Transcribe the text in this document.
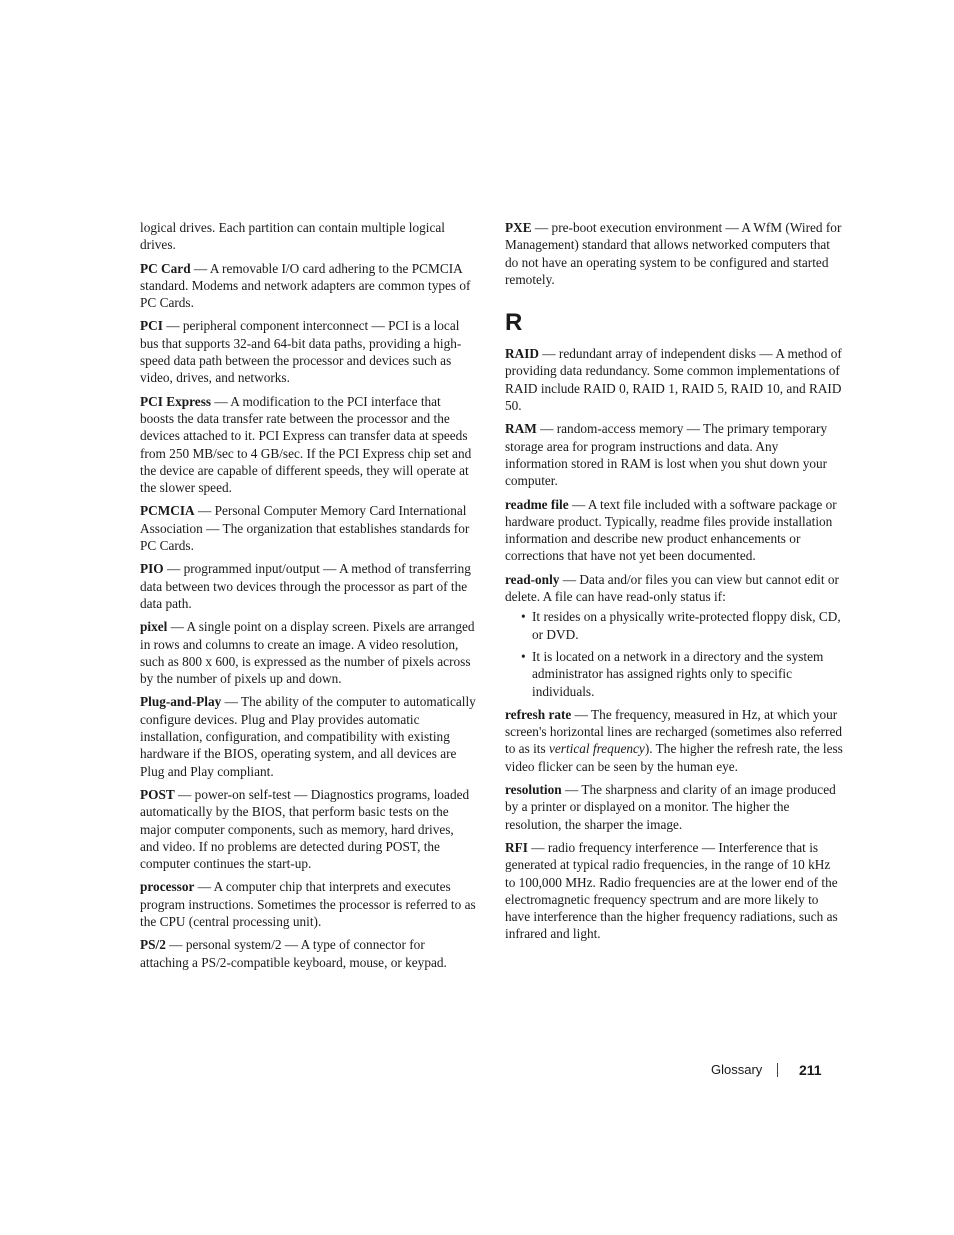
logical drives. Each partition can contain multiple logical drives.

PC Card — A removable I/O card adhering to the PCMCIA standard. Modems and network adapters are common types of PC Cards.

PCI — peripheral component interconnect — PCI is a local bus that supports 32-and 64-bit data paths, providing a high-speed data path between the processor and devices such as video, drives, and networks.

PCI Express — A modification to the PCI interface that boosts the data transfer rate between the processor and the devices attached to it. PCI Express can transfer data at speeds from 250 MB/sec to 4 GB/sec. If the PCI Express chip set and the device are capable of different speeds, they will operate at the slower speed.

PCMCIA — Personal Computer Memory Card International Association — The organization that establishes standards for PC Cards.

PIO — programmed input/output — A method of transferring data between two devices through the processor as part of the data path.

pixel — A single point on a display screen. Pixels are arranged in rows and columns to create an image. A video resolution, such as 800 x 600, is expressed as the number of pixels across by the number of pixels up and down.

Plug-and-Play — The ability of the computer to automatically configure devices. Plug and Play provides automatic installation, configuration, and compatibility with existing hardware if the BIOS, operating system, and all devices are Plug and Play compliant.

POST — power-on self-test — Diagnostics programs, loaded automatically by the BIOS, that perform basic tests on the major computer components, such as memory, hard drives, and video. If no problems are detected during POST, the computer continues the start-up.

processor — A computer chip that interprets and executes program instructions. Sometimes the processor is referred to as the CPU (central processing unit).

PS/2 — personal system/2 — A type of connector for attaching a PS/2-compatible keyboard, mouse, or keypad.

PXE — pre-boot execution environment — A WfM (Wired for Management) standard that allows networked computers that do not have an operating system to be configured and started remotely.

R

RAID — redundant array of independent disks — A method of providing data redundancy. Some common implementations of RAID include RAID 0, RAID 1, RAID 5, RAID 10, and RAID 50.

RAM — random-access memory — The primary temporary storage area for program instructions and data. Any information stored in RAM is lost when you shut down your computer.

readme file — A text file included with a software package or hardware product. Typically, readme files provide installation information and describe new product enhancements or corrections that have not yet been documented.

read-only — Data and/or files you can view but cannot edit or delete. A file can have read-only status if:

• It resides on a physically write-protected floppy disk, CD, or DVD.
• It is located on a network in a directory and the system administrator has assigned rights only to specific individuals.

refresh rate — The frequency, measured in Hz, at which your screen's horizontal lines are recharged (sometimes also referred to as its vertical frequency). The higher the refresh rate, the less video flicker can be seen by the human eye.

resolution — The sharpness and clarity of an image produced by a printer or displayed on a monitor. The higher the resolution, the sharper the image.

RFI — radio frequency interference — Interference that is generated at typical radio frequencies, in the range of 10 kHz to 100,000 MHz. Radio frequencies are at the lower end of the electromagnetic frequency spectrum and are more likely to have interference than the higher frequency radiations, such as infrared and light.

Glossary	211
